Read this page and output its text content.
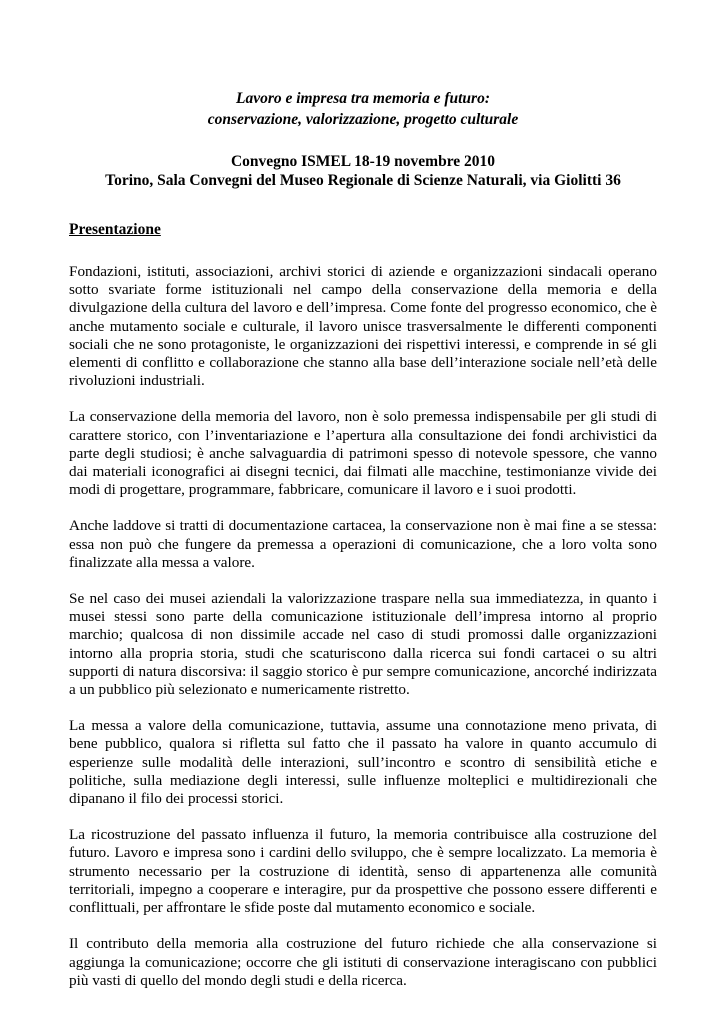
Lavoro e impresa tra memoria e futuro:
conservazione, valorizzazione, progetto culturale

Convegno ISMEL 18-19 novembre 2010
Torino, Sala Convegni del Museo Regionale di Scienze Naturali, via Giolitti 36

Presentazione

Fondazioni, istituti, associazioni, archivi storici di aziende e organizzazioni sindacali operano sotto svariate forme istituzionali nel campo della conservazione della memoria e della divulgazione della cultura del lavoro e dell’impresa. Come fonte del progresso economico, che è anche mutamento sociale e culturale, il lavoro unisce trasversalmente le differenti componenti sociali che ne sono protagoniste, le organizzazioni dei rispettivi interessi, e comprende in sé gli elementi di conflitto e collaborazione che stanno alla base dell’interazione sociale nell’età delle rivoluzioni industriali.

La conservazione della memoria del lavoro, non è solo premessa indispensabile per gli studi di carattere storico, con l’inventariazione e l’apertura alla consultazione dei fondi archivistici da parte degli studiosi; è anche salvaguardia di patrimoni spesso di notevole spessore, che vanno dai materiali iconografici ai disegni tecnici, dai filmati alle macchine, testimonianze vivide dei modi di progettare, programmare, fabbricare, comunicare il lavoro e i suoi prodotti.

Anche laddove si tratti di documentazione cartacea, la conservazione non è mai fine a se stessa: essa non può che fungere da premessa a operazioni di comunicazione, che a loro volta sono finalizzate alla messa a valore.

Se nel caso dei musei aziendali la valorizzazione traspare nella sua immediatezza, in quanto i musei stessi sono parte della comunicazione istituzionale dell’impresa intorno al proprio marchio; qualcosa di non dissimile accade nel caso di studi promossi dalle organizzazioni intorno alla propria storia, studi che scaturiscono dalla ricerca sui fondi cartacei o su altri supporti di natura discorsiva: il saggio storico è pur sempre comunicazione, ancorché indirizzata a un pubblico più selezionato e numericamente ristretto.

La messa a valore della comunicazione, tuttavia, assume una connotazione meno privata, di bene pubblico, qualora si rifletta sul fatto che il passato ha valore in quanto accumulo di esperienze sulle modalità delle interazioni, sull’incontro e scontro di sensibilità etiche e politiche, sulla mediazione degli interessi, sulle influenze molteplici e multidirezionali che dipanano il filo dei processi storici.

La ricostruzione del passato influenza il futuro, la memoria contribuisce alla costruzione del futuro. Lavoro e impresa sono i cardini dello sviluppo, che è sempre localizzato. La memoria è strumento necessario per la costruzione di identità, senso di appartenenza alle comunità territoriali, impegno a cooperare e interagire, pur da prospettive che possono essere differenti e conflittuali, per affrontare le sfide poste dal mutamento economico e sociale.

Il contributo della memoria alla costruzione del futuro richiede che alla conservazione si aggiunga la comunicazione; occorre che gli istituti di conservazione interagiscano con pubblici più vasti di quello del mondo degli studi e della ricerca.
